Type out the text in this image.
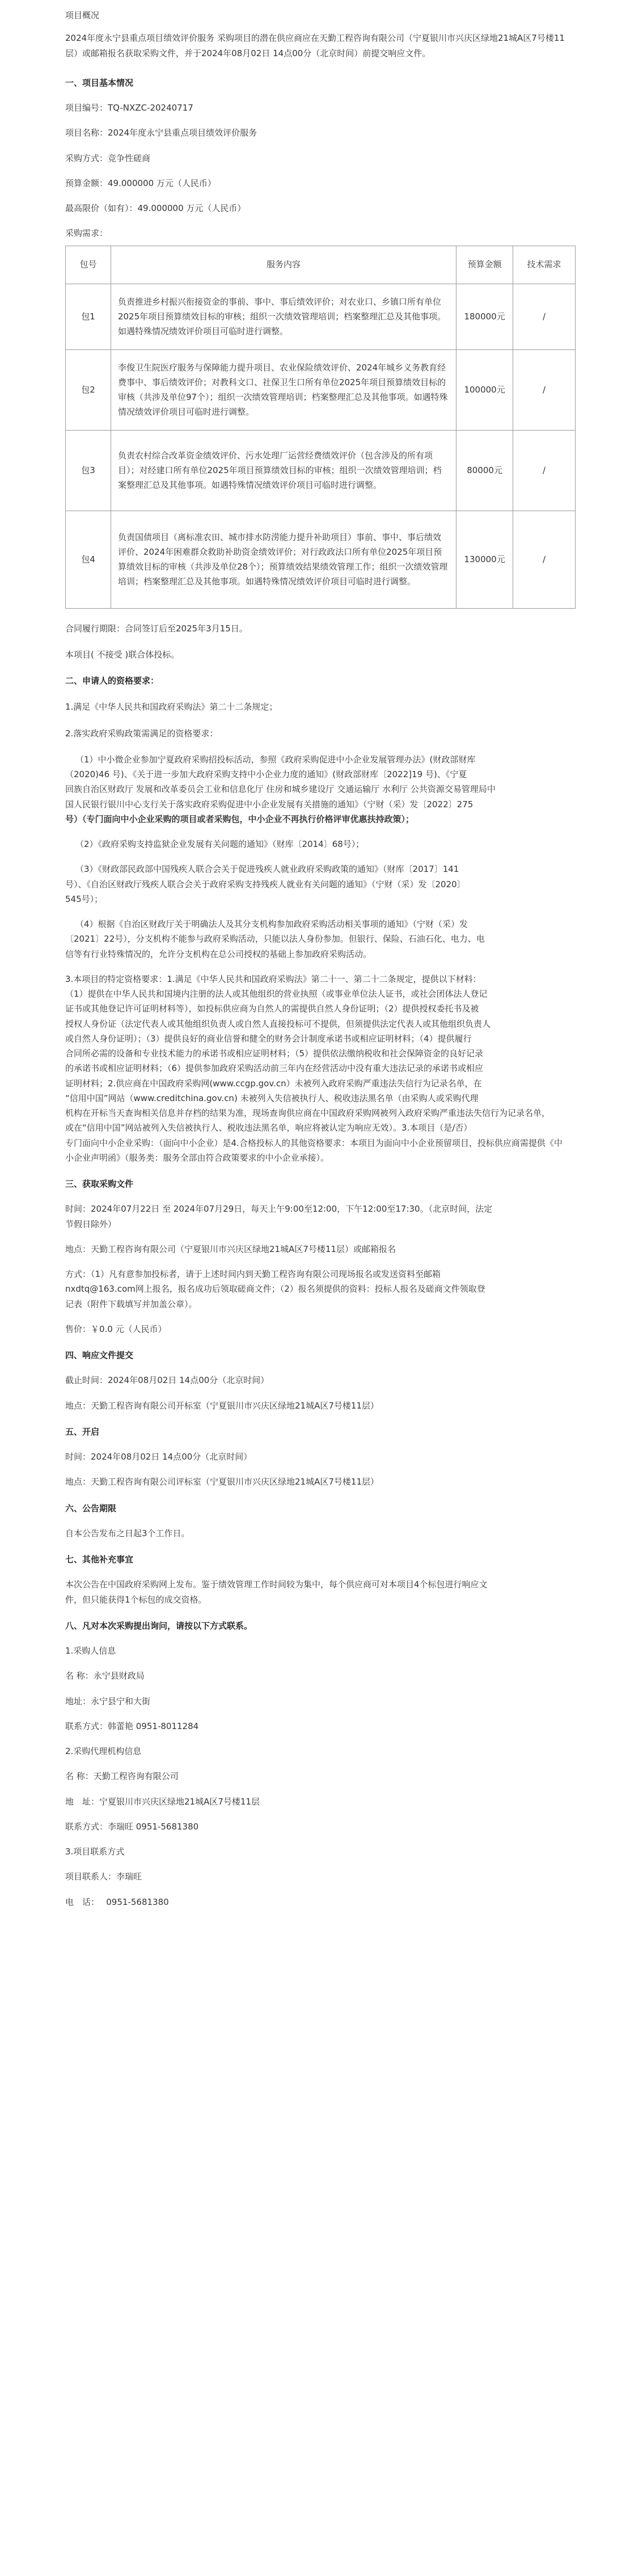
项目概况

2024年度永宁县重点项目绩效评价服务 采购项目的潜在供应商应在天勤工程咨询有限公司（宁夏银川市兴庆区绿地21城A区7号楼11层）或邮箱报名获取采购文件，并于2024年08月02日 14点00分（北京时间）前提交响应文件。

一、项目基本情况

项目编号：TQ-NXZC-20240717

项目名称：2024年度永宁县重点项目绩效评价服务

采购方式：竞争性磋商

预算金额：49.000000 万元（人民币）

最高限价（如有）：49.000000 万元（人民币）

采购需求：

包号	服务内容	预算金额	技术需求
包1	负责推进乡村振兴衔接资金的事前、事中、事后绩效评价；对农业口、乡镇口所有单位2025年项目预算绩效目标的审核；组织一次绩效管理培训；档案整理汇总及其他事项。如遇特殊情况绩效评价项目可临时进行调整。	180000元	/
包2	李俊卫生院医疗服务与保障能力提升项目、农业保险绩效评价、2024年城乡义务教育经费事中、事后绩效评价；对教科文口、社保卫生口所有单位2025年项目预算绩效目标的审核（共涉及单位97个）；组织一次绩效管理培训；档案整理汇总及其他事项。如遇特殊情况绩效评价项目可临时进行调整。	100000元	/
包3	负责农村综合改革资金绩效评价、污水处理厂运营经费绩效评价（包含涉及的所有项目）；对经建口所有单位2025年项目预算绩效目标的审核；组织一次绩效管理培训；档案整理汇总及其他事项。如遇特殊情况绩效评价项目可临时进行调整。	80000元	/
包4	负责国债项目（离标准农田、城市排水防涝能力提升补助项目）事前、事中、事后绩效评价、2024年困难群众救助补助资金绩效评价；对行政政法口所有单位2025年项目预算绩效目标的审核（共涉及单位28个）；预算绩效结果绩效管理工作；组织一次绩效管理培训；档案整理汇总及其他事项。如遇特殊情况绩效评价项目可临时进行调整。	130000元	/

合同履行期限：合同签订后至2025年3月15日。

本项目( 不接受 )联合体投标。

二、申请人的资格要求：

1.满足《中华人民共和国政府采购法》第二十二条规定；

2.落实政府采购政策需满足的资格要求：

（1）中小微企业参加宁夏政府采购招投标活动，参照《政府采购促进中小企业发展管理办法》(财政部财库

（2020)46 号)、《关于进一步加大政府采购支持中小企业力度的通知》(财政部财库〔2022]19 号)、《宁夏

回族自治区财政厅 发展和改革委员会工业和信息化厅 住房和城乡建设厅 交通运输厅 水利厅 公共资源交易管理局中

国人民银行银川中心支行关于落实政府采购促进中小企业发展有关措施的通知》（宁财（采）发〔2022〕275

号）（专门面向中小企业采购的项目或者采购包，中小企业不再执行价格评审优惠扶持政策）；

（2）《政府采购支持监狱企业发展有关问题的通知》（财库〔2014〕68号）；

（3）《财政部民政部中国残疾人联合会关于促进残疾人就业政府采购政策的通知》（财库〔2017〕141

号）、《自治区财政厅残疾人联合会关于政府采购支持残疾人就业有关问题的通知》（宁财（采）发〔2020〕

545号）；

（4）根据《自治区财政厅关于明确法人及其分支机构参加政府采购活动相关事项的通知》（宁财（采）发

〔2021〕22号），分支机构不能参与政府采购活动，只能以法人身份参加。但银行、保险、石油石化、电力、电

信等有行业特殊情况的，允许分支机构在总公司授权的基础上参加政府采购活动。

3.本项目的特定资格要求：1.满足《中华人民共和国政府采购法》第二十一、第二十二条规定，提供以下材料：

（1）提供在中华人民共和国境内注册的法人或其他组织的营业执照（或事业单位法人证书，或社会团体法人登记

证书或其他登记许可证明材料等），如投标供应商为自然人的需提供自然人身份证明；（2）提供授权委托书及被

授权人身份证（法定代表人或其他组织负责人或自然人直接投标可不提供，但须提供法定代表人或其他组织负责人

或自然人身份证明）；（3）提供良好的商业信誉和健全的财务会计制度承诺书或相应证明材料；（4）提供履行

合同所必需的设备和专业技术能力的承诺书或相应证明材料；（5）提供依法缴纳税收和社会保障资金的良好记录

的承诺书或相应证明材料；（6）提供参加政府采购活动前三年内在经营活动中没有重大违法记录的承诺书或相应

证明材料；2.供应商在中国政府采购网(www.ccgp.gov.cn）未被列入政府采购严重违法失信行为记录名单，在

“信用中国”网站（www.creditchina.gov.cn) 未被列入失信被执行人、税收违法黑名单（由采购人或采购代理

机构在开标当天查询相关信息并存档的结果为准，现场查询供应商在中国政府采购网被列入政府采购严重违法失信行为记录名单，

或在“信用中国”网站被列入失信被执行人、税收违法黑名单，响应将被认定为响应无效）。3.本项目（是/否）

专门面向中小企业采购：（面向中小企业）是4.合格投标人的其他资格要求：本项目为面向中小企业预留项目，投标供应商需提供《中

小企业声明函》（服务类：服务全部由符合政策要求的中小企业承接）。

三、获取采购文件

时间：2024年07月22日 至 2024年07月29日，每天上午9:00至12:00，下午12:00至17:30。（北京时间，法定

节假日除外）

地点：天勤工程咨询有限公司（宁夏银川市兴庆区绿地21城A区7号楼11层）或邮箱报名

方式：（1）凡有意参加投标者，请于上述时间内到天勤工程咨询有限公司现场报名或发送资料至邮箱

nxdtq@163.com网上报名，报名成功后领取磋商文件；（2）报名须提供的资料：投标人报名及磋商文件领取登

记表（附件下载填写并加盖公章）。

售价：￥0.0 元（人民币）

四、响应文件提交

截止时间：2024年08月02日 14点00分（北京时间）

地点：天勤工程咨询有限公司开标室（宁夏银川市兴庆区绿地21城A区7号楼11层）

五、开启

时间：2024年08月02日 14点00分（北京时间）

地点：天勤工程咨询有限公司评标室（宁夏银川市兴庆区绿地21城A区7号楼11层）

六、公告期限

自本公告发布之日起3个工作日。

七、其他补充事宜

本次公告在中国政府采购网上发布。鉴于绩效管理工作时间较为集中，每个供应商可对本项目4个标包进行响应文

件，但只能获得1个标包的成交资格。

八、凡对本次采购提出询问，请按以下方式联系。

1.采购人信息

名 称：永宁县财政局

地址：永宁县宁和大街

联系方式：韩蕾艳 0951-8011284

2.采购代理机构信息

名 称：天勤工程咨询有限公司

地　址：宁夏银川市兴庆区绿地21城A区7号楼11层

联系方式：李瑞旺 0951-5681380

3.项目联系方式

项目联系人：李瑞旺

电　话：　 0951-5681380
